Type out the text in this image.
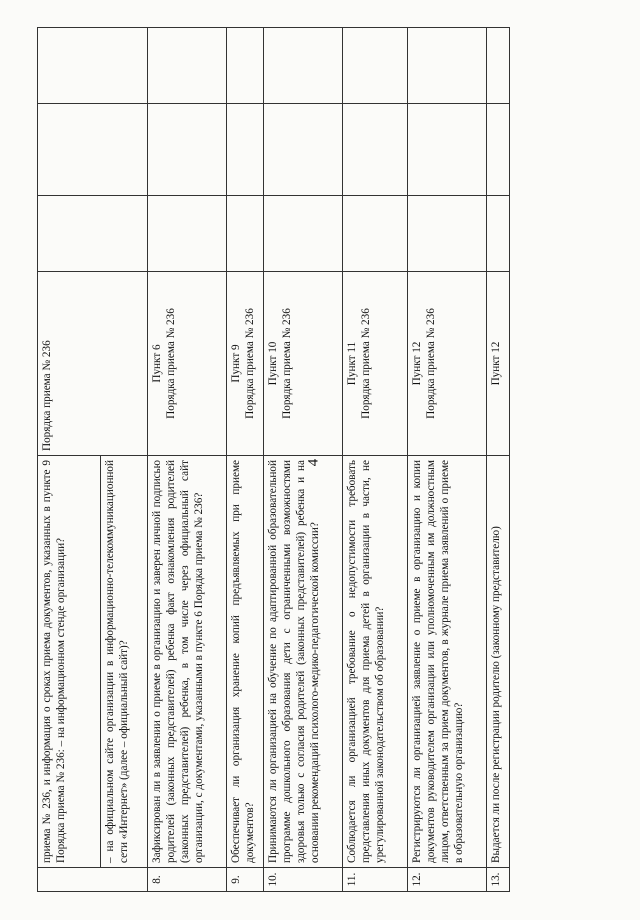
4
	приема № 236, и информация о сроках приема документов, указанных в пункте 9 Порядка приема № 236: – на информационном стенде организации?	Порядка приема № 236			
	– на официальном сайте организации в информационно-телекоммуникационной сети «Интернет» (далее – официальный сайт)?				
8.	Зафиксирован ли в заявлении о приеме в организацию и заверен личной подписью родителей (законных представителей) ребенка факт ознакомления родителей (законных представителей) ребенка, в том числе через официальный сайт организации, с документами, указанными в пункте 6 Порядка приема № 236?	Пункт 6 Порядка приема № 236			

9.	Обеспечивает ли организация хранение копий предъявляемых при приеме документов?	Пункт 9 Порядка приема № 236			

10.	Принимаются ли организацией на обучение по адаптированной образовательной программе дошкольного образования дети с ограниченными возможностями здоровья только с согласия родителей (законных представителей) ребенка и на основании рекомендаций психолого-медико-педагогической комиссии?	Пункт 10 Порядка приема № 236			

11.	Соблюдается ли организацией требование о недопустимости требовать представления иных документов для приема детей в организации в части, не урегулированной законодательством об образовании?	Пункт 11 Порядка приема № 236			

12.	Регистрируются ли организацией заявление о приеме в организацию и копии документов руководителем организации или уполномоченным им должностным лицом, ответственным за прием документов, в журнале приема заявлений о приеме в образовательную организацию?	Пункт 12 Порядка приема № 236			

13.	Выдается ли после регистрации родителю (законному представителю)	Пункт 12			
